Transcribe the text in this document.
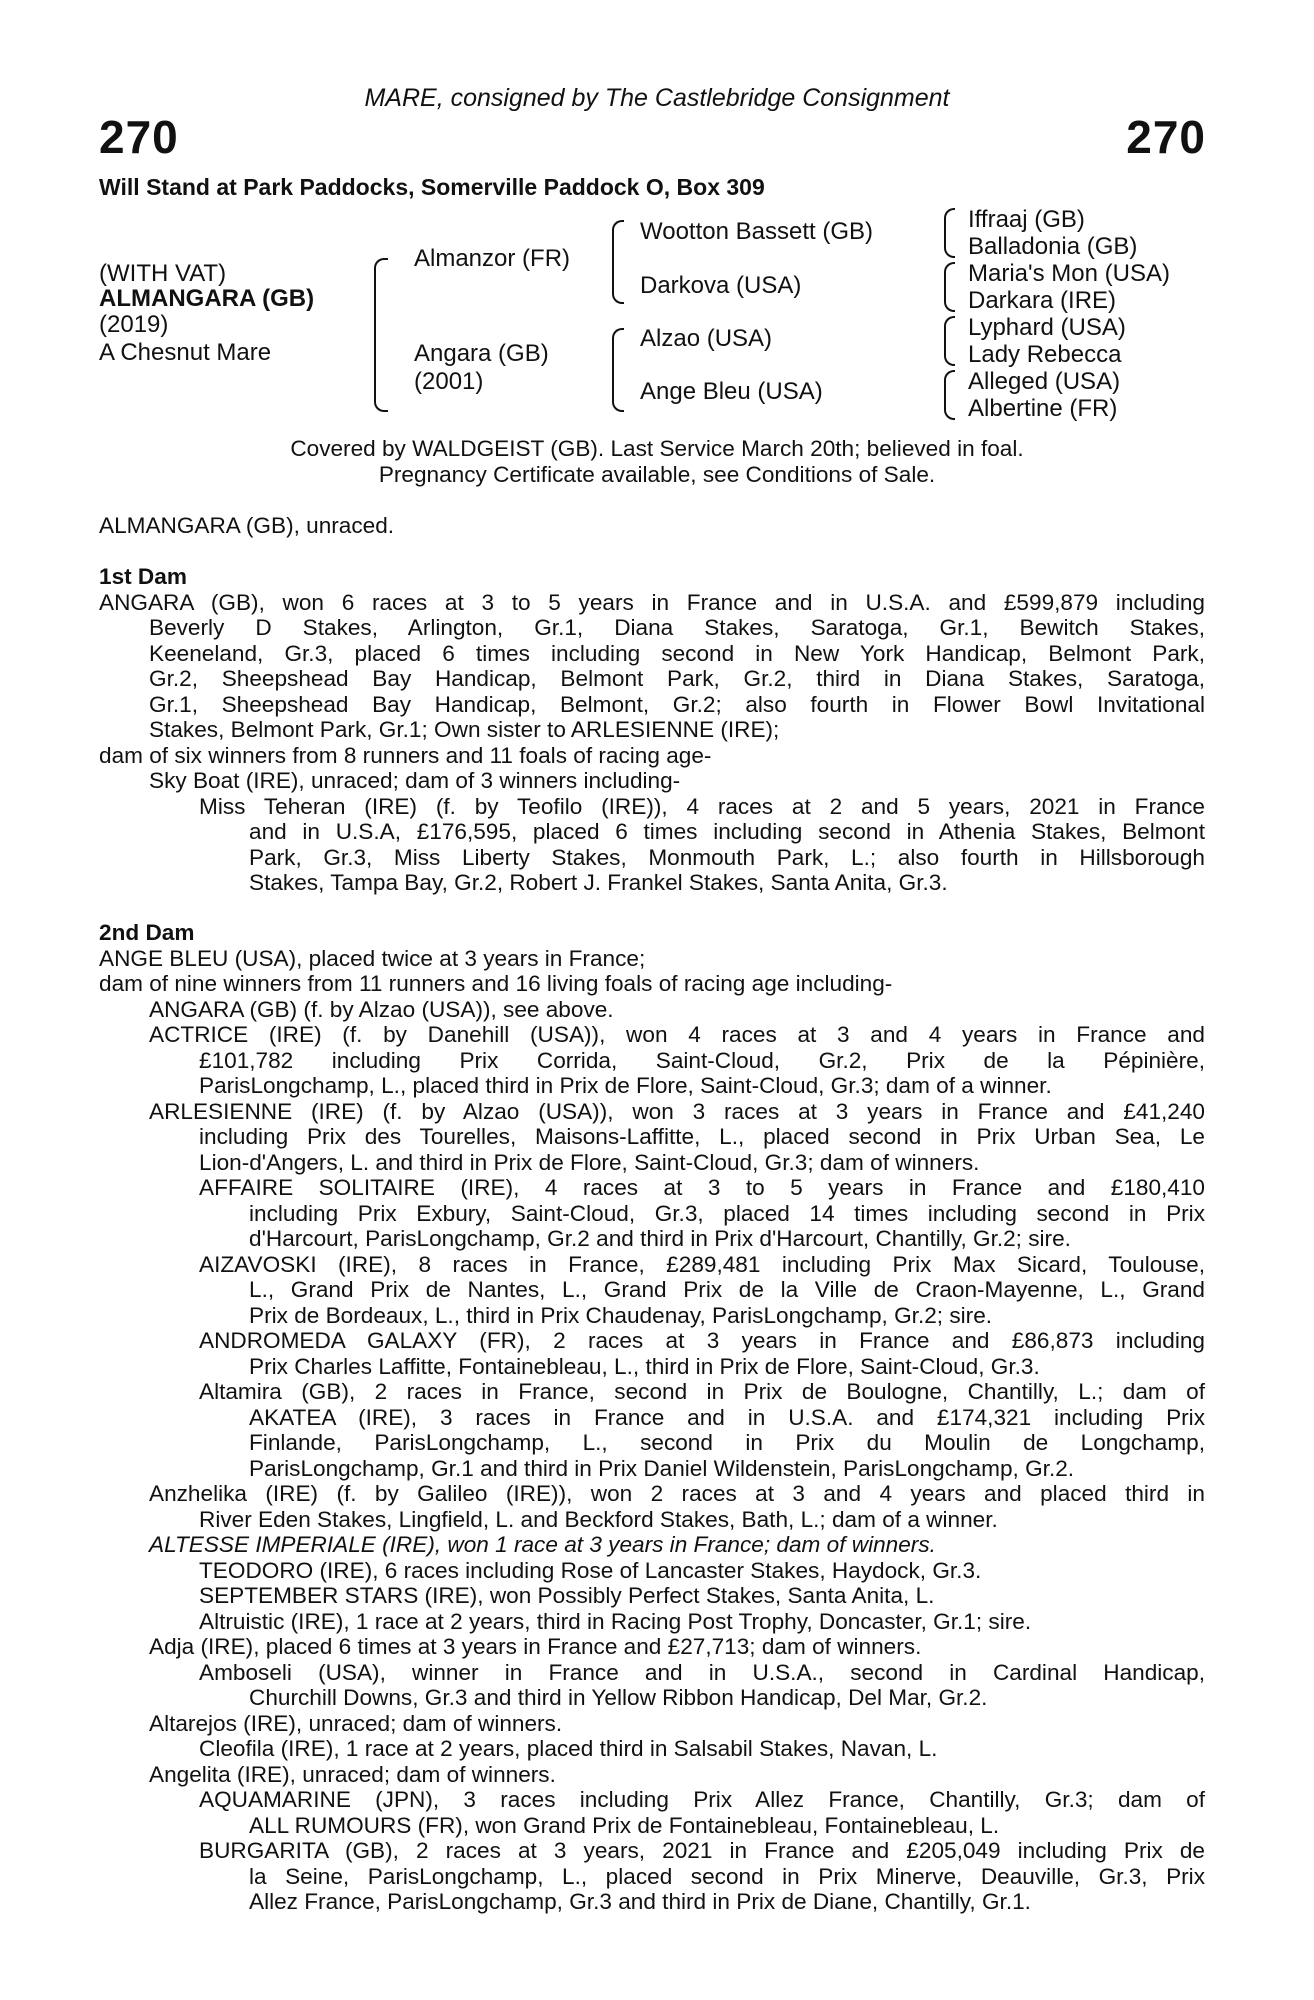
MARE, consigned by The Castlebridge Consignment
270	270
Will Stand at Park Paddocks, Somerville Paddock O, Box 309
(WITH VAT)
ALMANGARA (GB)
(2019)
A Chesnut Mare
Almanzor (FR)
Angara (GB)
(2001)
Wootton Bassett (GB)
Darkova (USA)
Alzao (USA)
Ange Bleu (USA)
Iffraaj (GB)
Balladonia (GB)
Maria's Mon (USA)
Darkara (IRE)
Lyphard (USA)
Lady Rebecca
Alleged (USA)
Albertine (FR)
Covered by WALDGEIST (GB). Last Service March 20th; believed in foal.
Pregnancy Certificate available, see Conditions of Sale.
ALMANGARA (GB), unraced.
1st Dam
ANGARA (GB), won 6 races at 3 to 5 years in France and in U.S.A. and £599,879 including
Beverly D Stakes, Arlington, Gr.1, Diana Stakes, Saratoga, Gr.1, Bewitch Stakes,
Keeneland, Gr.3, placed 6 times including second in New York Handicap, Belmont Park,
Gr.2, Sheepshead Bay Handicap, Belmont Park, Gr.2, third in Diana Stakes, Saratoga,
Gr.1, Sheepshead Bay Handicap, Belmont, Gr.2; also fourth in Flower Bowl Invitational
Stakes, Belmont Park, Gr.1; Own sister to ARLESIENNE (IRE);
dam of six winners from 8 runners and 11 foals of racing age-
Sky Boat (IRE), unraced; dam of 3 winners including-
Miss Teheran (IRE) (f. by Teofilo (IRE)), 4 races at 2 and 5 years, 2021 in France
and in U.S.A, £176,595, placed 6 times including second in Athenia Stakes, Belmont
Park, Gr.3, Miss Liberty Stakes, Monmouth Park, L.; also fourth in Hillsborough
Stakes, Tampa Bay, Gr.2, Robert J. Frankel Stakes, Santa Anita, Gr.3.
2nd Dam
ANGE BLEU (USA), placed twice at 3 years in France;
dam of nine winners from 11 runners and 16 living foals of racing age including-
ANGARA (GB) (f. by Alzao (USA)), see above.
ACTRICE (IRE) (f. by Danehill (USA)), won 4 races at 3 and 4 years in France and
£101,782 including Prix Corrida, Saint-Cloud, Gr.2, Prix de la Pépinière,
ParisLongchamp, L., placed third in Prix de Flore, Saint-Cloud, Gr.3; dam of a winner.
ARLESIENNE (IRE) (f. by Alzao (USA)), won 3 races at 3 years in France and £41,240
including Prix des Tourelles, Maisons-Laffitte, L., placed second in Prix Urban Sea, Le
Lion-d'Angers, L. and third in Prix de Flore, Saint-Cloud, Gr.3; dam of winners.
AFFAIRE SOLITAIRE (IRE), 4 races at 3 to 5 years in France and £180,410
including Prix Exbury, Saint-Cloud, Gr.3, placed 14 times including second in Prix
d'Harcourt, ParisLongchamp, Gr.2 and third in Prix d'Harcourt, Chantilly, Gr.2; sire.
AIZAVOSKI (IRE), 8 races in France, £289,481 including Prix Max Sicard, Toulouse,
L., Grand Prix de Nantes, L., Grand Prix de la Ville de Craon-Mayenne, L., Grand
Prix de Bordeaux, L., third in Prix Chaudenay, ParisLongchamp, Gr.2; sire.
ANDROMEDA GALAXY (FR), 2 races at 3 years in France and £86,873 including
Prix Charles Laffitte, Fontainebleau, L., third in Prix de Flore, Saint-Cloud, Gr.3.
Altamira (GB), 2 races in France, second in Prix de Boulogne, Chantilly, L.; dam of
AKATEA (IRE), 3 races in France and in U.S.A. and £174,321 including Prix
Finlande, ParisLongchamp, L., second in Prix du Moulin de Longchamp,
ParisLongchamp, Gr.1 and third in Prix Daniel Wildenstein, ParisLongchamp, Gr.2.
Anzhelika (IRE) (f. by Galileo (IRE)), won 2 races at 3 and 4 years and placed third in
River Eden Stakes, Lingfield, L. and Beckford Stakes, Bath, L.; dam of a winner.
ALTESSE IMPERIALE (IRE), won 1 race at 3 years in France; dam of winners.
TEODORO (IRE), 6 races including Rose of Lancaster Stakes, Haydock, Gr.3.
SEPTEMBER STARS (IRE), won Possibly Perfect Stakes, Santa Anita, L.
Altruistic (IRE), 1 race at 2 years, third in Racing Post Trophy, Doncaster, Gr.1; sire.
Adja (IRE), placed 6 times at 3 years in France and £27,713; dam of winners.
Amboseli (USA), winner in France and in U.S.A., second in Cardinal Handicap,
Churchill Downs, Gr.3 and third in Yellow Ribbon Handicap, Del Mar, Gr.2.
Altarejos (IRE), unraced; dam of winners.
Cleofila (IRE), 1 race at 2 years, placed third in Salsabil Stakes, Navan, L.
Angelita (IRE), unraced; dam of winners.
AQUAMARINE (JPN), 3 races including Prix Allez France, Chantilly, Gr.3; dam of
ALL RUMOURS (FR), won Grand Prix de Fontainebleau, Fontainebleau, L.
BURGARITA (GB), 2 races at 3 years, 2021 in France and £205,049 including Prix de
la Seine, ParisLongchamp, L., placed second in Prix Minerve, Deauville, Gr.3, Prix
Allez France, ParisLongchamp, Gr.3 and third in Prix de Diane, Chantilly, Gr.1.
